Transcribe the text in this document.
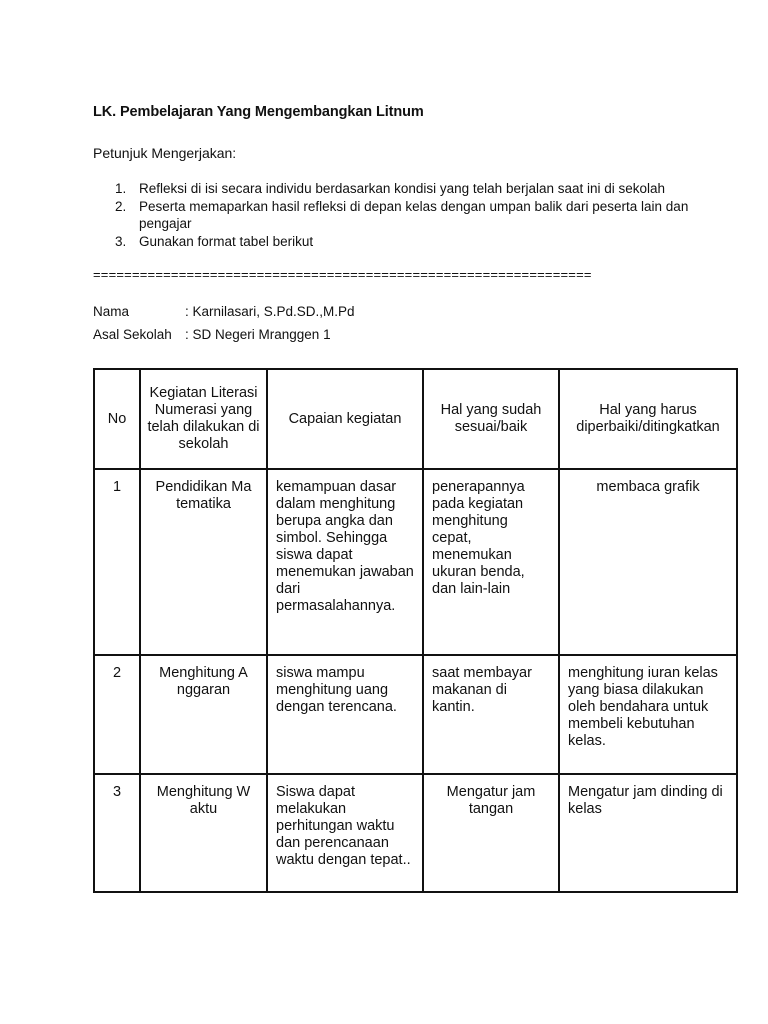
LK. Pembelajaran Yang Mengembangkan Litnum
Petunjuk Mengerjakan:
1. Refleksi di isi secara individu berdasarkan kondisi yang telah berjalan saat ini di sekolah
2. Peserta memaparkan hasil refleksi di depan kelas dengan umpan balik dari peserta lain dan pengajar
3. Gunakan format tabel berikut
================================================================
Nama	: Karnilasari, S.Pd.SD.,M.Pd
Asal Sekolah : SD Negeri Mranggen 1
No	Kegiatan Literasi Numerasi yang telah dilakukan di sekolah	Capaian kegiatan	Hal yang sudah sesuai/baik	Hal yang harus diperbaiki/ditingkatkan
1	Pendidikan Ma tematika	kemampuan dasar dalam menghitung berupa angka dan simbol. Sehingga siswa dapat menemukan jawaban dari permasalahannya.	penerapannya pada kegiatan menghitung cepat, menemukan ukuran benda, dan lain-lain	membaca grafik
2	Menghitung A nggaran	siswa mampu menghitung uang dengan terencana.	saat membayar makanan di kantin.	menghitung iuran kelas yang biasa dilakukan oleh bendahara untuk membeli kebutuhan kelas.
3	Menghitung W aktu	Siswa dapat melakukan perhitungan waktu dan perencanaan waktu dengan tepat..	Mengatur jam tangan	Mengatur jam dinding di kelas
